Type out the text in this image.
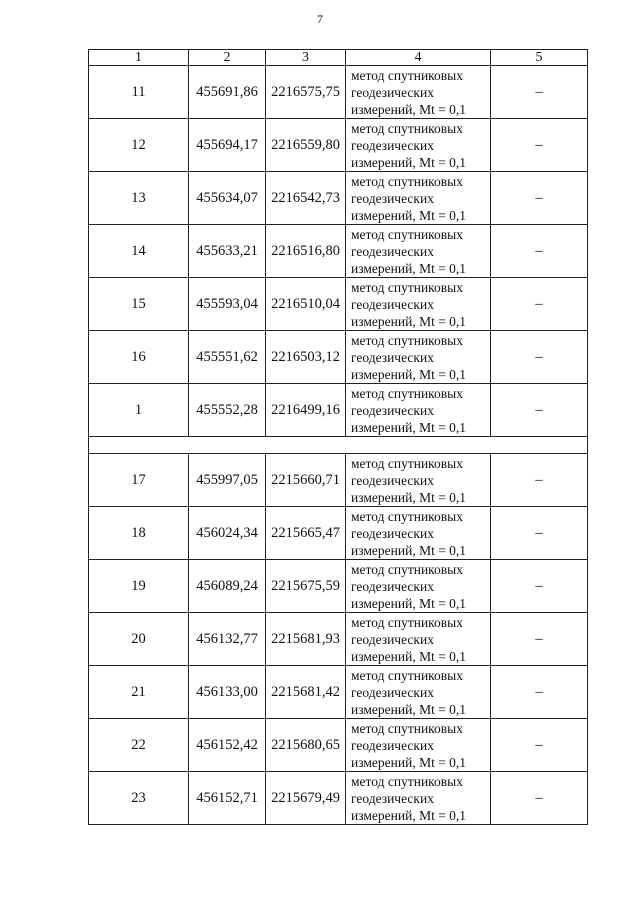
7
1	2	3	4	5
11	455691,86	2216575,75	метод спутниковых
геодезических
измерений, Mt = 0,1	–
12	455694,17	2216559,80	метод спутниковых
геодезических
измерений, Mt = 0,1	–
13	455634,07	2216542,73	метод спутниковых
геодезических
измерений, Mt = 0,1	–
14	455633,21	2216516,80	метод спутниковых
геодезических
измерений, Mt = 0,1	–
15	455593,04	2216510,04	метод спутниковых
геодезических
измерений, Mt = 0,1	–
16	455551,62	2216503,12	метод спутниковых
геодезических
измерений, Mt = 0,1	–
1	455552,28	2216499,16	метод спутниковых
геодезических
измерений, Mt = 0,1	–

17	455997,05	2215660,71	метод спутниковых
геодезических
измерений, Mt = 0,1	–
18	456024,34	2215665,47	метод спутниковых
геодезических
измерений, Mt = 0,1	–
19	456089,24	2215675,59	метод спутниковых
геодезических
измерений, Mt = 0,1	–
20	456132,77	2215681,93	метод спутниковых
геодезических
измерений, Mt = 0,1	–
21	456133,00	2215681,42	метод спутниковых
геодезических
измерений, Mt = 0,1	–
22	456152,42	2215680,65	метод спутниковых
геодезических
измерений, Mt = 0,1	–
23	456152,71	2215679,49	метод спутниковых
геодезических
измерений, Mt = 0,1	–
